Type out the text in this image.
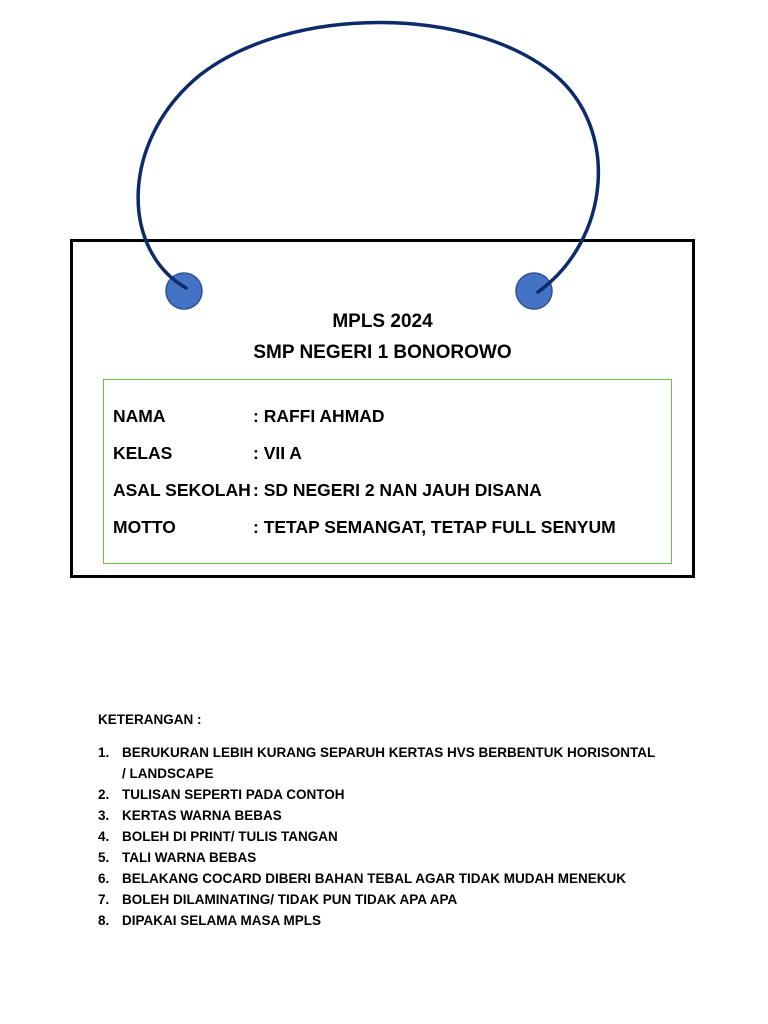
MPLS 2024
SMP NEGERI 1 BONOROWO
NAMA	: RAFFI AHMAD
KELAS	: VII A
ASAL SEKOLAH : SD NEGERI 2 NAN JAUH DISANA
MOTTO	: TETAP SEMANGAT, TETAP FULL SENYUM
KETERANGAN :
1. BERUKURAN LEBIH KURANG SEPARUH KERTAS HVS BERBENTUK HORISONTAL / LANDSCAPE
2. TULISAN SEPERTI PADA CONTOH
3. KERTAS WARNA BEBAS
4. BOLEH DI PRINT/ TULIS TANGAN
5. TALI WARNA BEBAS
6. BELAKANG COCARD DIBERI BAHAN TEBAL AGAR TIDAK MUDAH MENEKUK
7. BOLEH DILAMINATING/ TIDAK PUN TIDAK APA APA
8. DIPAKAI SELAMA MASA MPLS
